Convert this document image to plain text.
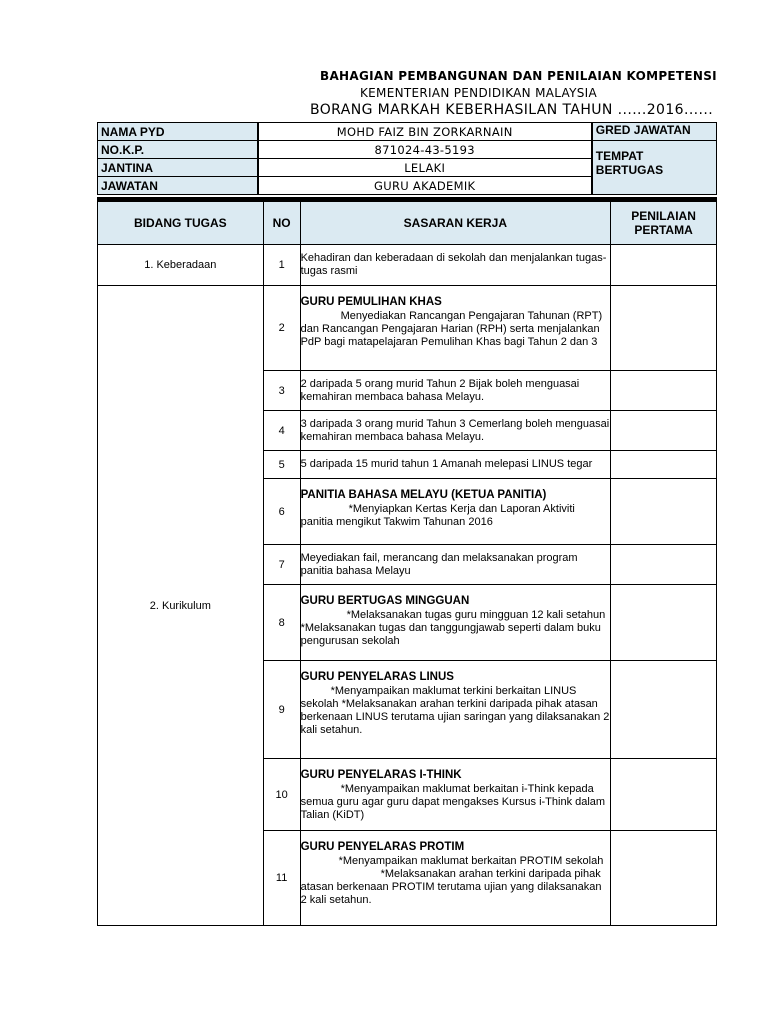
BAHAGIAN PEMBANGUNAN DAN PENILAIAN KOMPETENSI
KEMENTERIAN PENDIDIKAN MALAYSIA
BORANG MARKAH KEBERHASILAN TAHUN ......2016......
NAMA PYD	MOHD FAIZ BIN ZORKARNAIN	GRED JAWATAN
NO.K.P.	871024-43-5193	TEMPAT BERTUGAS
JANTINA	LELAKI	
JAWATAN	GURU AKADEMIK	
BIDANG TUGAS	NO	SASARAN KERJA	PENILAIAN PERTAMA
1. Keberadaan	1	Kehadiran dan keberadaan di sekolah dan menjalankan tugas-tugas rasmi	
2. Kurikulum	2	GURU PEMULIHAN KHAS
Menyediakan Rancangan Pengajaran Tahunan (RPT) dan Rancangan Pengajaran Harian (RPH) serta menjalankan PdP bagi matapelajaran Pemulihan Khas bagi Tahun 2 dan 3	
	3	2 daripada 5 orang murid Tahun 2 Bijak boleh menguasai kemahiran membaca bahasa Melayu.	
	4	3 daripada 3 orang murid Tahun 3 Cemerlang boleh menguasai kemahiran membaca bahasa Melayu.	
	5	5 daripada 15 murid tahun 1 Amanah melepasi LINUS tegar	
	6	PANITIA BAHASA MELAYU (KETUA PANITIA)
*Menyiapkan Kertas Kerja dan Laporan Aktiviti panitia mengikut Takwim Tahunan 2016	
	7	Meyediakan fail, merancang dan melaksanakan program panitia bahasa Melayu	
	8	GURU BERTUGAS MINGGUAN
*Melaksanakan tugas guru mingguan 12 kali setahun
*Melaksanakan tugas dan tanggungjawab seperti dalam buku pengurusan sekolah	
	9	GURU PENYELARAS LINUS
*Menyampaikan maklumat terkini berkaitan LINUS sekolah *Melaksanakan arahan terkini daripada pihak atasan berkenaan LINUS terutama ujian saringan yang dilaksanakan 2 kali setahun.	
	10	GURU PENYELARAS I-THINK
*Menyampaikan maklumat berkaitan i-Think kepada semua guru agar guru dapat mengakses Kursus i-Think dalam Talian (KiDT)	
	11	GURU PENYELARAS PROTIM
*Menyampaikan maklumat berkaitan PROTIM sekolah
*Melaksanakan arahan terkini daripada pihak atasan berkenaan PROTIM terutama ujian yang dilaksanakan 2 kali setahun.	
